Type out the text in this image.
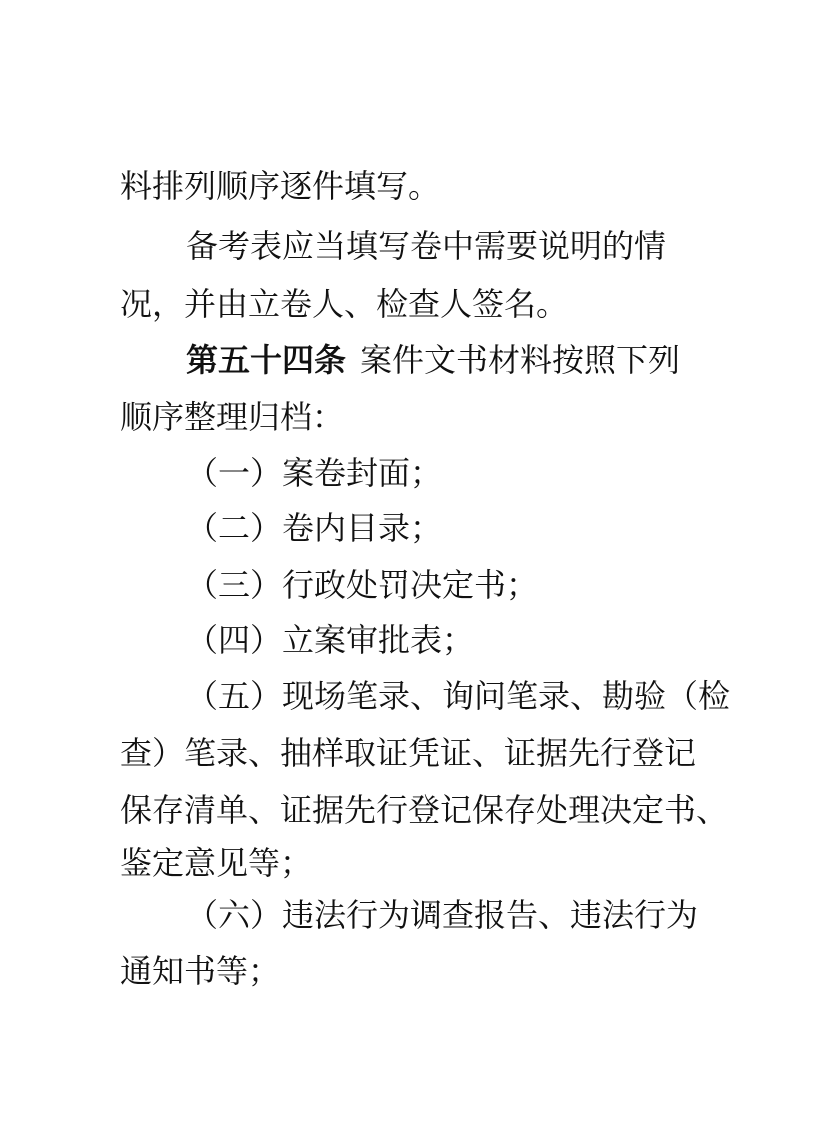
料排列顺序逐件填写。
备考表应当填写卷中需要说明的情
况，并由立卷人、检查人签名。
第五十四条 案件文书材料按照下列
顺序整理归档：
（一）案卷封面；
（二）卷内目录；
（三）行政处罚决定书；
（四）立案审批表；
（五）现场笔录、询问笔录、勘验（检
查）笔录、抽样取证凭证、证据先行登记
保存清单、证据先行登记保存处理决定书、
鉴定意见等；
（六）违法行为调查报告、违法行为
通知书等；
